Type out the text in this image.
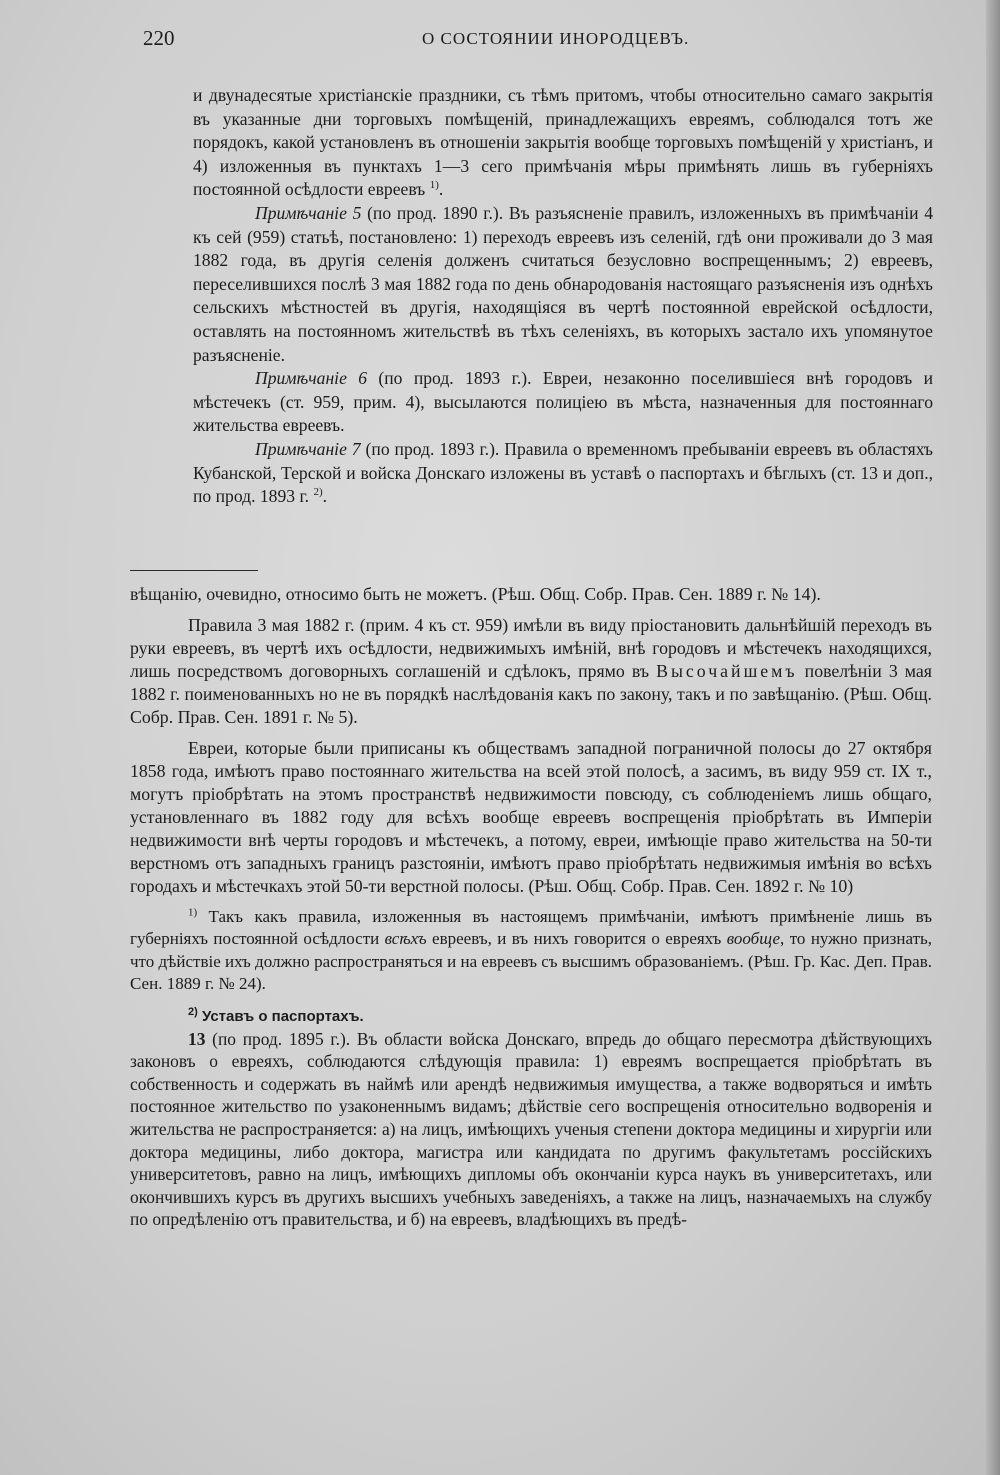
220	О СОСТОЯНИИ ИНОРОДЦЕВЪ.

и двунадесятые христіанскіе праздники, съ тѣмъ притомъ, чтобы относительно самаго закрытія въ указанные дни торговыхъ помѣщеній, принадлежащихъ евреямъ, соблюдался тотъ же порядокъ, какой установленъ въ отношеніи закрытія вообще торговыхъ помѣщеній у христіанъ, и 4) изложенныя въ пунктахъ 1—3 сего примѣчанія мѣры примѣнять лишь въ губерніяхъ постоянной осѣдлости евреевъ $^{1)}$.

Примѣчаніе 5 (по прод. 1890 г.). Въ разъясненіе правилъ, изложенныхъ въ примѣчаніи 4 къ сей (959) статьѣ, постановлено: 1) переходъ евреевъ изъ селеній, гдѣ они проживали до 3 мая 1882 года, въ другія селенія долженъ считаться безусловно воспрещеннымъ; 2) евреевъ, переселившихся послѣ 3 мая 1882 года по день обнародованія настоящаго разъясненія изъ однѣхъ сельскихъ мѣстностей въ другія, находящіяся въ чертѣ постоянной еврейской осѣдлости, оставлять на постоянномъ жительствѣ въ тѣхъ селеніяхъ, въ которыхъ застало ихъ упомянутое разъясненіе.

Примѣчаніе 6 (по прод. 1893 г.). Евреи, незаконно поселившіеся внѣ городовъ и мѣстечекъ (ст. 959, прим. 4), высылаются полиціею въ мѣста, назначенныя для постояннаго жительства евреевъ.

Примѣчаніе 7 (по прод. 1893 г.). Правила о временномъ пребываніи евреевъ въ областяхъ Кубанской, Терской и войска Донскаго изложены въ уставѣ о паспортахъ и бѣглыхъ (ст. 13 и доп., по прод. 1893 г. $^{2)}$.

вѣщанію, очевидно, относимо быть не можетъ. (Рѣш. Общ. Собр. Прав. Сен. 1889 г. № 14).

Правила 3 мая 1882 г. (прим. 4 къ ст. 959) имѣли въ виду пріостановить дальнѣйшій переходъ въ руки евреевъ, въ чертѣ ихъ осѣдлости, недвижимыхъ имѣній, внѣ городовъ и мѣстечекъ находящихся, лишь посредствомъ договорныхъ соглашеній и сдѣлокъ, прямо въ Высочайшемъ повелѣніи 3 мая 1882 г. поименованныхъ но не въ порядкѣ наслѣдованія какъ по закону, такъ и по завѣщанію. (Рѣш. Общ. Собр. Прав. Сен. 1891 г. № 5).

Евреи, которые были приписаны къ обществамъ западной пограничной полосы до 27 октября 1858 года, имѣютъ право постояннаго жительства на всей этой полосѣ, а засимъ, въ виду 959 ст. IX т., могутъ пріобрѣтать на этомъ пространствѣ недвижимости повсюду, съ соблюденіемъ лишь общаго, установленнаго въ 1882 году для всѣхъ вообще евреевъ воспрещенія пріобрѣтать въ Имперіи недвижимости внѣ черты городовъ и мѣстечекъ, а потому, евреи, имѣющіе право жительства на 50-ти верстномъ отъ западныхъ границъ разстояніи, имѣютъ право пріобрѣтать недвижимыя имѣнія во всѣхъ городахъ и мѣстечкахъ этой 50-ти верстной полосы. (Рѣш. Общ. Собр. Прав. Сен. 1892 г. № 10)

$^{1)}$ Такъ какъ правила, изложенныя въ настоящемъ примѣчаніи, имѣютъ примѣненіе лишь въ губерніяхъ постоянной осѣдлости всѣхъ евреевъ, и въ нихъ говорится о евреяхъ вообще, то нужно признать, что дѣйствіе ихъ должно распространяться и на евреевъ съ высшимъ образованіемъ. (Рѣш. Гр. Кас. Деп. Прав. Сен. 1889 г. № 24).

$^{2)}$ Уставъ о паспортахъ.

13 (по прод. 1895 г.). Въ области войска Донскаго, впредь до общаго пересмотра дѣйствующихъ законовъ о евреяхъ, соблюдаются слѣдующія правила: 1) евреямъ воспрещается пріобрѣтать въ собственность и содержать въ наймѣ или арендѣ недвижимыя имущества, а также водворяться и имѣть постоянное жительство по узаконеннымъ видамъ; дѣйствіе сего воспрещенія относительно водворенія и жительства не распространяется: а) на лицъ, имѣющихъ ученыя степени доктора медицины и хирургіи или доктора медицины, либо доктора, магистра или кандидата по другимъ факультетамъ россійскихъ университетовъ, равно на лицъ, имѣющихъ дипломы объ окончаніи курса наукъ въ университетахъ, или окончившихъ курсъ въ другихъ высшихъ учебныхъ заведеніяхъ, а также на лицъ, назначаемыхъ на службу по опредѣленію отъ правительства, и б) на евреевъ, владѣющихъ въ предѣ-
